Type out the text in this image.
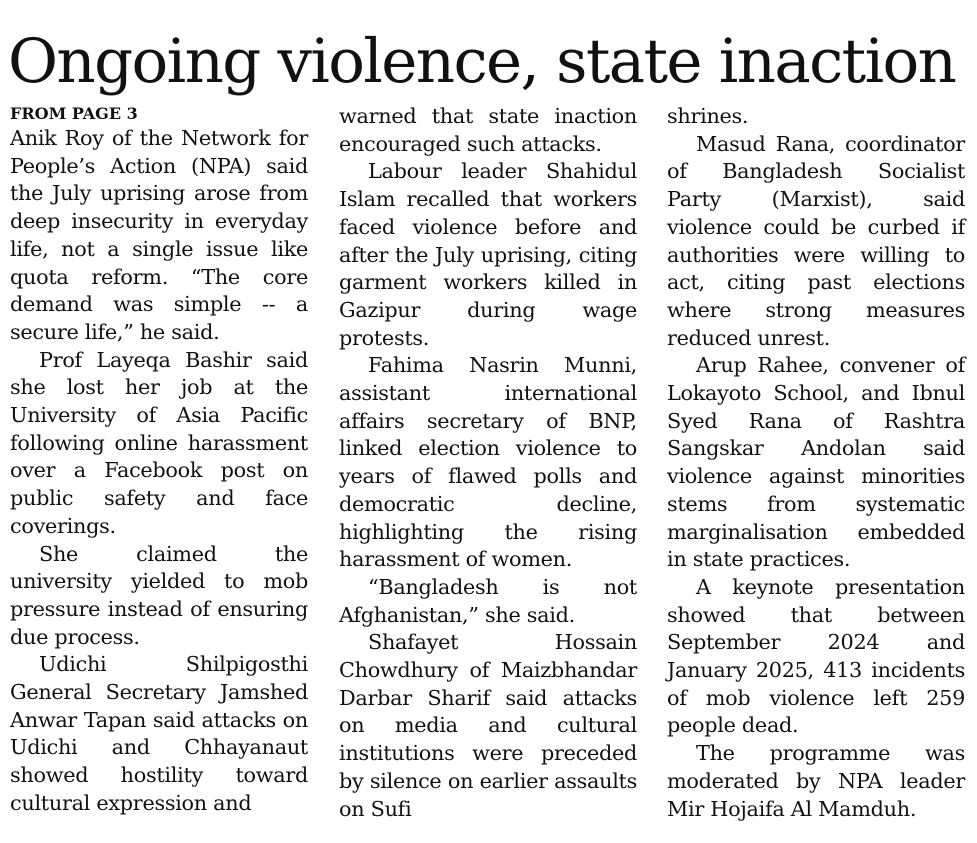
Ongoing violence, state inaction

FROM PAGE 3

Anik Roy of the Network for People’s Action (NPA) said the July uprising arose from deep insecurity in everyday life, not a single issue like quota reform. “The core demand was simple -- a secure life,” he said.

Prof Layeqa Bashir said she lost her job at the University of Asia Pacific following online harassment over a Facebook post on public safety and face coverings.

She claimed the university yielded to mob pressure instead of ensuring due process.

Udichi Shilpigosthi General Secretary Jamshed Anwar Tapan said attacks on Udichi and Chhayanaut showed hostility toward cultural expression and

warned that state inaction encouraged such attacks.

Labour leader Shahidul Islam recalled that workers faced violence before and after the July uprising, citing garment workers killed in Gazipur during wage protests.

Fahima Nasrin Munni, assistant international affairs secretary of BNP, linked election violence to years of flawed polls and democratic decline, highlighting the rising harassment of women.

“Bangladesh is not Afghanistan,” she said.

Shafayet Hossain Chowdhury of Maizbhandar Darbar Sharif said attacks on media and cultural institutions were preceded by silence on earlier assaults on Sufi

shrines.

Masud Rana, coordinator of Bangladesh Socialist Party (Marxist), said violence could be curbed if authorities were willing to act, citing past elections where strong measures reduced unrest.

Arup Rahee, convener of Lokayoto School, and Ibnul Syed Rana of Rashtra Sangskar Andolan said violence against minorities stems from systematic marginalisation embedded in state practices.

A keynote presentation showed that between September 2024 and January 2025, 413 incidents of mob violence left 259 people dead.

The programme was moderated by NPA leader Mir Hojaifa Al Mamduh.
